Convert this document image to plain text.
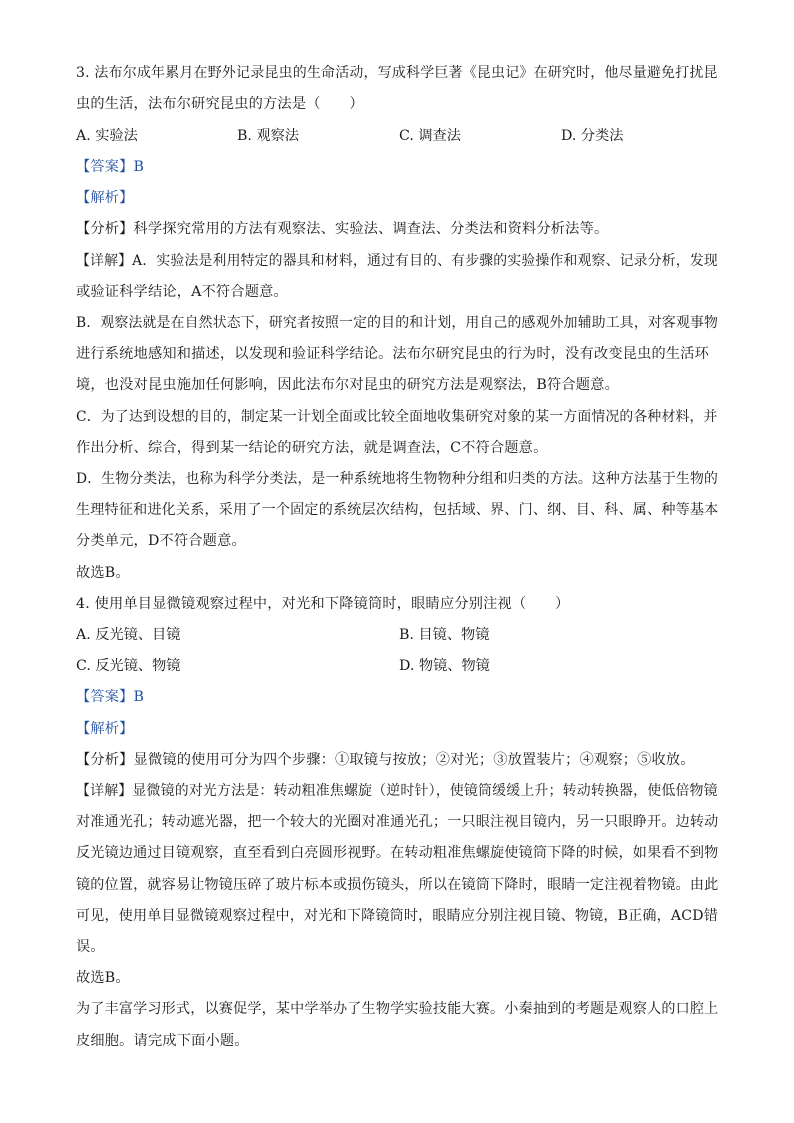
3. 法布尔成年累月在野外记录昆虫的生命活动，写成科学巨著《昆虫记》在研究时，他尽量避免打扰昆
虫的生活，法布尔研究昆虫的方法是（　　）
A. 实验法	B. 观察法	C. 调查法	D. 分类法
【答案】B
【解析】
【分析】科学探究常用的方法有观察法、实验法、调查法、分类法和资料分析法等。
【详解】A．实验法是利用特定的器具和材料，通过有目的、有步骤的实验操作和观察、记录分析，发现
或验证科学结论，A不符合题意。
B．观察法就是在自然状态下，研究者按照一定的目的和计划，用自己的感观外加辅助工具，对客观事物
进行系统地感知和描述，以发现和验证科学结论。法布尔研究昆虫的行为时，没有改变昆虫的生活环
境，也没对昆虫施加任何影响，因此法布尔对昆虫的研究方法是观察法，B符合题意。
C．为了达到设想的目的，制定某一计划全面或比较全面地收集研究对象的某一方面情况的各种材料，并
作出分析、综合，得到某一结论的研究方法，就是调查法，C不符合题意。
D．生物分类法，也称为科学分类法，是一种系统地将生物物种分组和归类的方法。这种方法基于生物的
生理特征和进化关系，采用了一个固定的系统层次结构，包括域、界、门、纲、目、科、属、种等基本
分类单元，D不符合题意。
故选B。
4. 使用单目显微镜观察过程中，对光和下降镜筒时，眼睛应分别注视（　　）
A. 反光镜、目镜	B. 目镜、物镜
C. 反光镜、物镜	D. 物镜、物镜
【答案】B
【解析】
【分析】显微镜的使用可分为四个步骤：①取镜与按放；②对光；③放置装片；④观察；⑤收放。
【详解】显微镜的对光方法是：转动粗准焦螺旋（逆时针），使镜筒缓缓上升；转动转换器，使低倍物镜
对准通光孔；转动遮光器，把一个较大的光圈对准通光孔；一只眼注视目镜内，另一只眼睁开。边转动
反光镜边通过目镜观察，直至看到白亮圆形视野。在转动粗准焦螺旋使镜筒下降的时候，如果看不到物
镜的位置，就容易让物镜压碎了玻片标本或损伤镜头，所以在镜筒下降时，眼睛一定注视着物镜。由此
可见，使用单目显微镜观察过程中，对光和下降镜筒时，眼睛应分别注视目镜、物镜，B正确，ACD错
误。
故选B。
为了丰富学习形式，以赛促学，某中学举办了生物学实验技能大赛。小秦抽到的考题是观察人的口腔上
皮细胞。请完成下面小题。
